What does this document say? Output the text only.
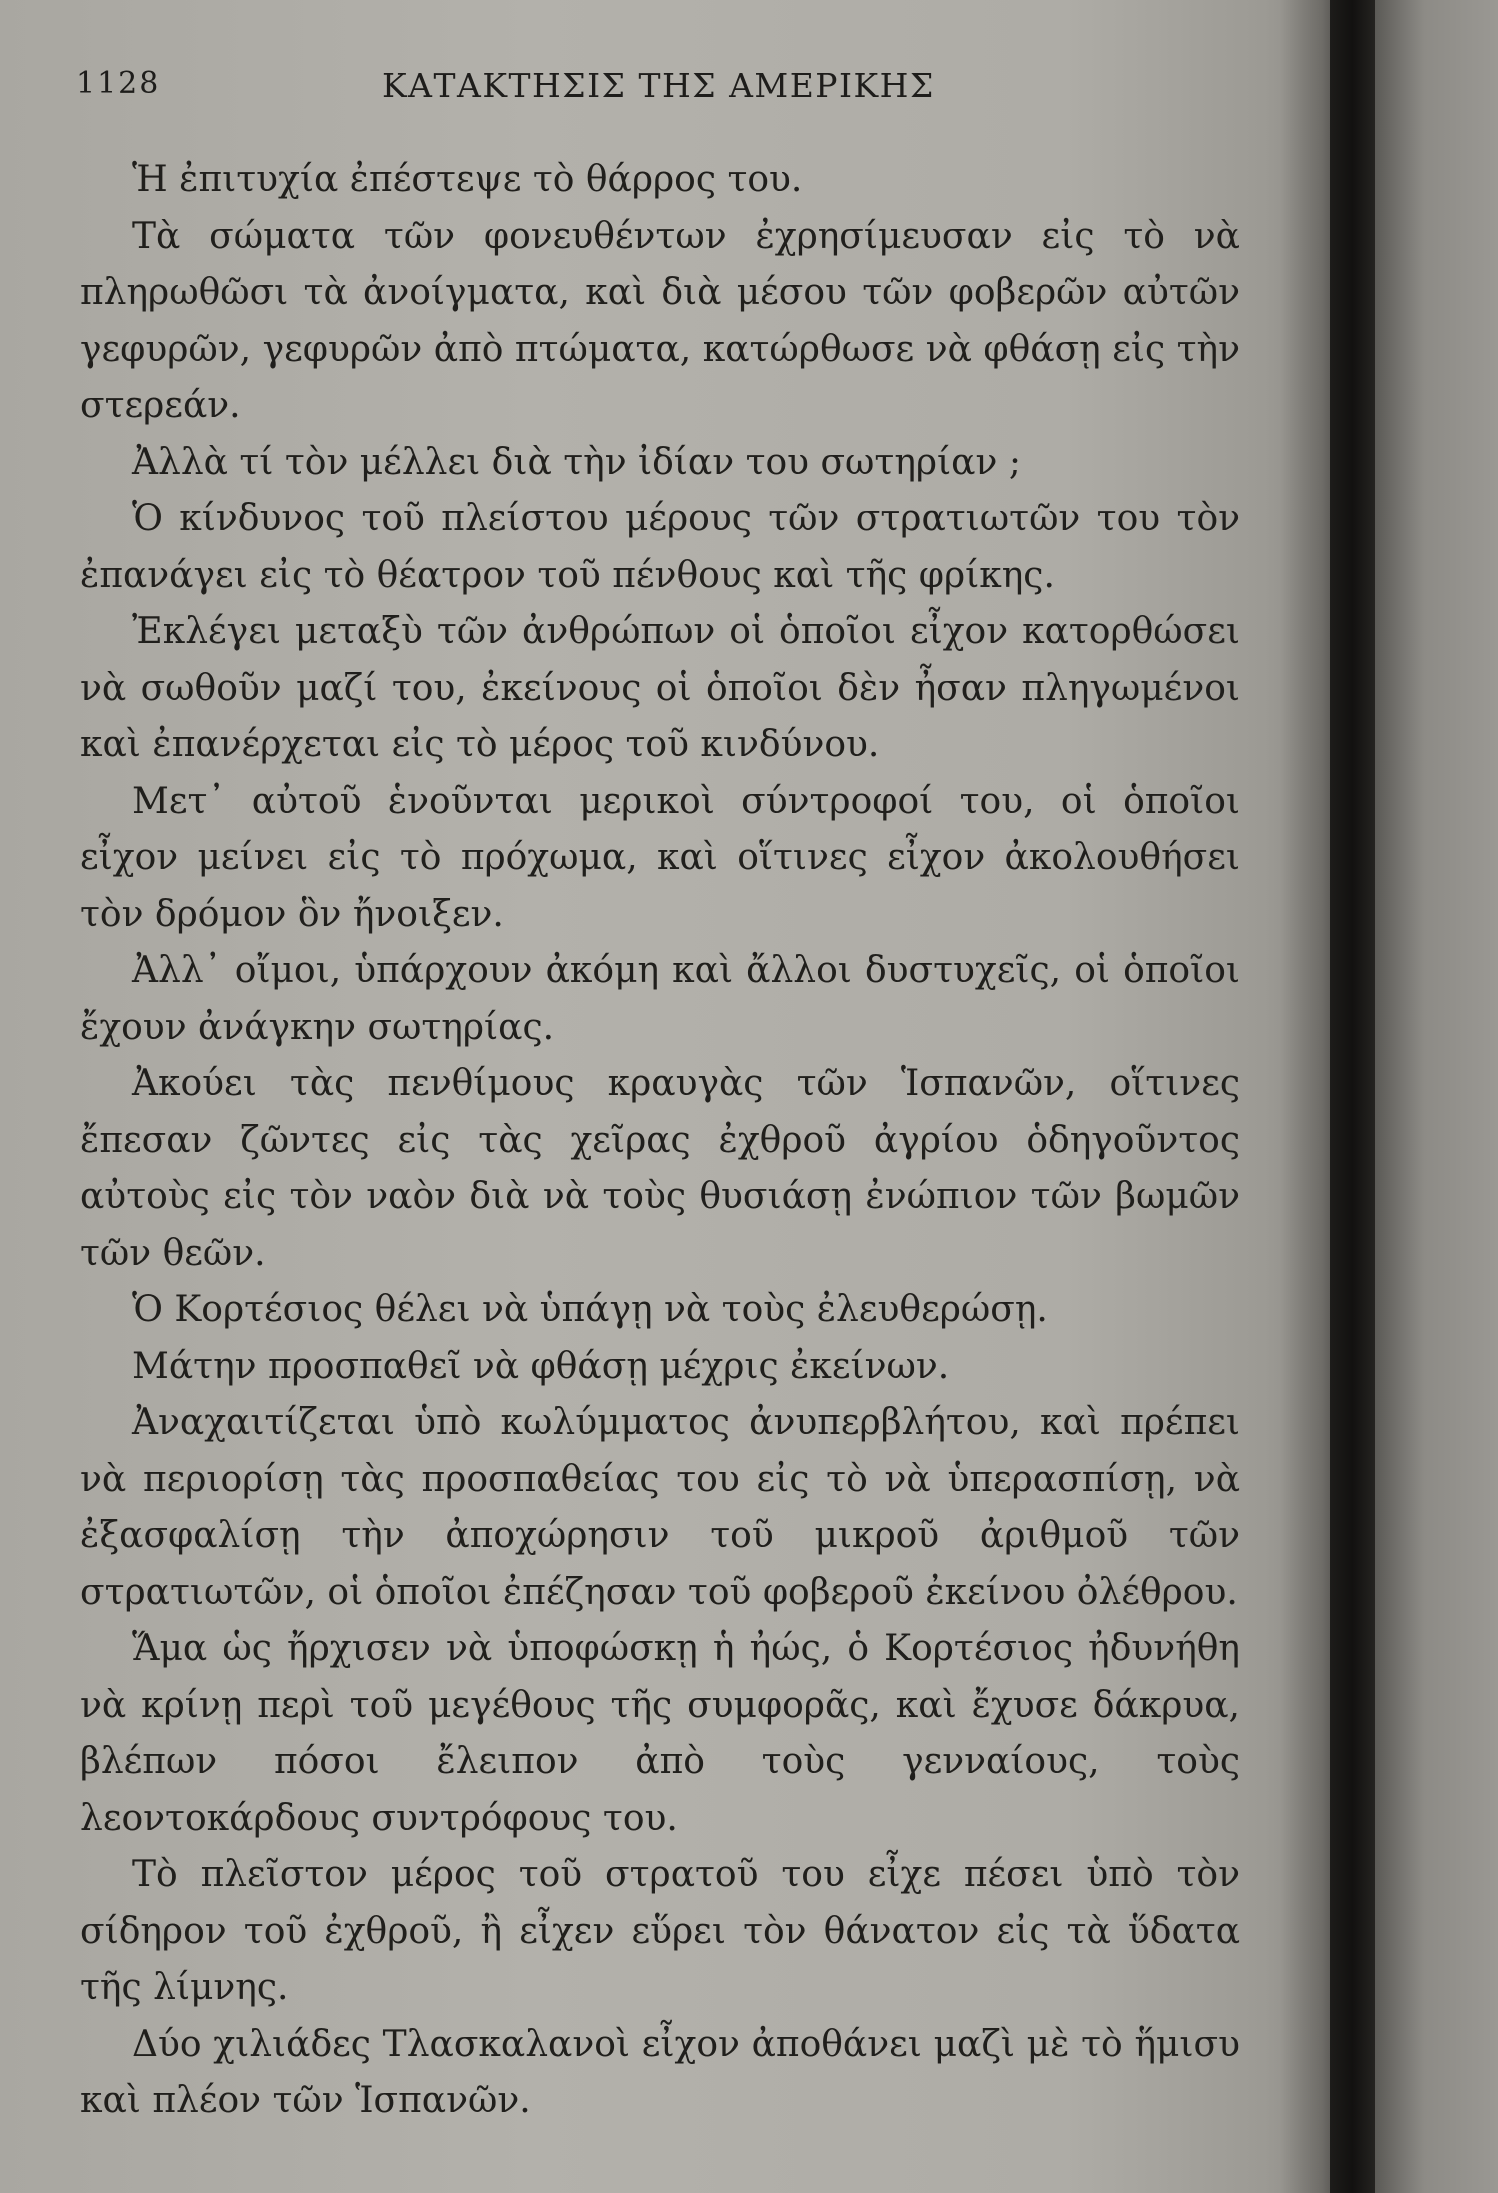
1128	ΚΑΤΑΚΤΗΣΙΣ ΤΗΣ ΑΜΕΡΙΚΗΣ

Ἡ ἐπιτυχία ἐπέστεψε τὸ θάρρος του.

Τὰ σώματα τῶν φονευθέντων ἐχρησίμευσαν εἰς τὸ νὰ πληρωθῶσι τὰ ἀνοίγματα, καὶ διὰ μέσου τῶν φοβερῶν αὐτῶν γεφυρῶν, γεφυρῶν ἀπὸ πτώματα, κατώρθωσε νὰ φθάσῃ εἰς τὴν στερεάν.

Ἀλλὰ τί τὸν μέλλει διὰ τὴν ἰδίαν του σωτηρίαν ;

Ὁ κίνδυνος τοῦ πλείστου μέρους τῶν στρατιωτῶν του τὸν ἐπανάγει εἰς τὸ θέατρον τοῦ πένθους καὶ τῆς φρίκης.

Ἐκλέγει μεταξὺ τῶν ἀνθρώπων οἱ ὁποῖοι εἶχον κατορθώσει νὰ σωθοῦν μαζί του, ἐκείνους οἱ ὁποῖοι δὲν ἦσαν πληγωμένοι καὶ ἐπανέρχεται εἰς τὸ μέρος τοῦ κινδύνου.

Μετ᾽ αὐτοῦ ἑνοῦνται μερικοὶ σύντροφοί του, οἱ ὁποῖοι εἶχον μείνει εἰς τὸ πρόχωμα, καὶ οἵτινες εἶχον ἀκολουθήσει τὸν δρόμον ὃν ἤνοιξεν.

Ἀλλ᾽ οἴμοι, ὑπάρχουν ἀκόμη καὶ ἄλλοι δυστυχεῖς, οἱ ὁποῖοι ἔχουν ἀνάγκην σωτηρίας.

Ἀκούει τὰς πενθίμους κραυγὰς τῶν Ἱσπανῶν, οἵτινες ἔπεσαν ζῶντες εἰς τὰς χεῖρας ἐχθροῦ ἀγρίου ὁδηγοῦντος αὐτοὺς εἰς τὸν ναὸν διὰ νὰ τοὺς θυσιάσῃ ἐνώπιον τῶν βωμῶν τῶν θεῶν.

Ὁ Κορτέσιος θέλει νὰ ὑπάγῃ νὰ τοὺς ἐλευθερώσῃ.

Μάτην προσπαθεῖ νὰ φθάσῃ μέχρις ἐκείνων.

Ἀναχαιτίζεται ὑπὸ κωλύμματος ἀνυπερβλήτου, καὶ πρέπει νὰ περιορίσῃ τὰς προσπαθείας του εἰς τὸ νὰ ὑπερασπίσῃ, νὰ ἐξασφαλίσῃ τὴν ἀποχώρησιν τοῦ μικροῦ ἀριθμοῦ τῶν στρατιωτῶν, οἱ ὁποῖοι ἐπέζησαν τοῦ φοβεροῦ ἐκείνου ὀλέθρου.

Ἅμα ὡς ἤρχισεν νὰ ὑποφώσκῃ ἡ ἠώς, ὁ Κορτέσιος ἠδυνήθη νὰ κρίνῃ περὶ τοῦ μεγέθους τῆς συμφορᾶς, καὶ ἔχυσε δάκρυα, βλέπων πόσοι ἔλειπον ἀπὸ τοὺς γενναίους, τοὺς λεοντοκάρδους συντρόφους του.

Τὸ πλεῖστον μέρος τοῦ στρατοῦ του εἶχε πέσει ὑπὸ τὸν σίδηρον τοῦ ἐχθροῦ, ἢ εἶχεν εὕρει τὸν θάνατον εἰς τὰ ὕδατα τῆς λίμνης.

Δύο χιλιάδες Τλασκαλανοὶ εἶχον ἀποθάνει μαζὶ μὲ τὸ ἥμισυ καὶ πλέον τῶν Ἱσπανῶν.
